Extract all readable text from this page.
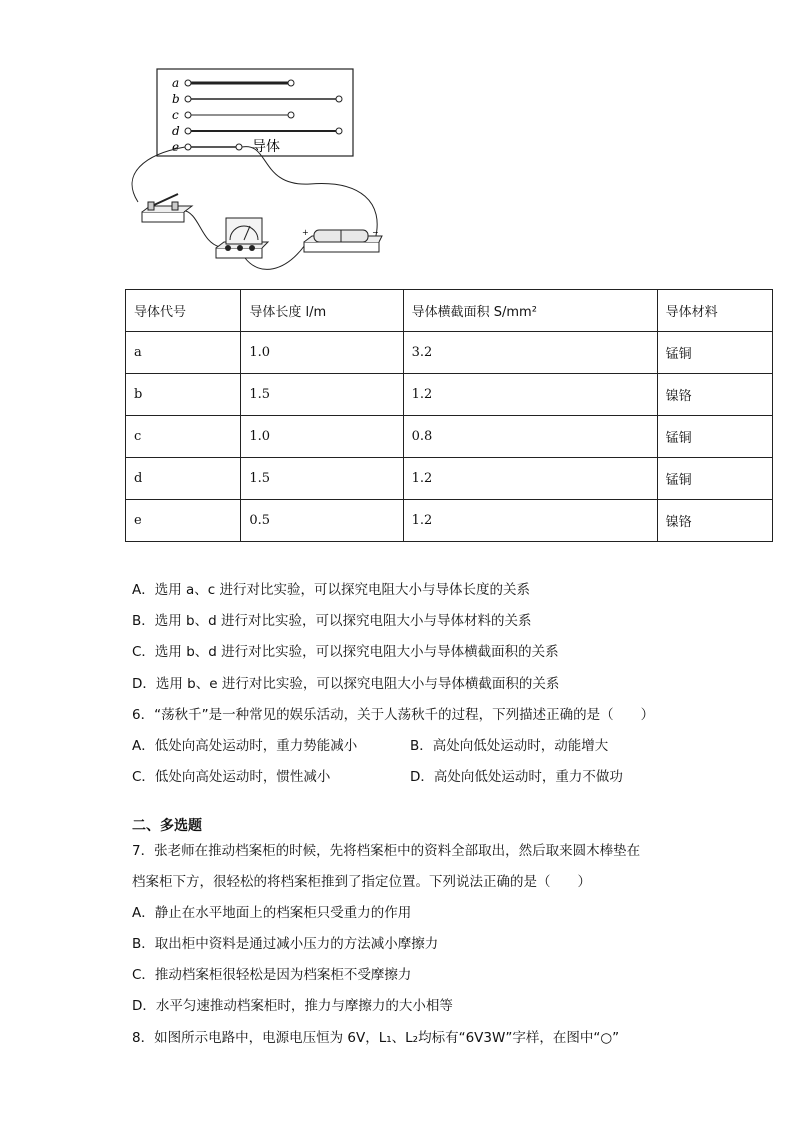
a
b
c
d
e	导体
+	−
导体代号	导体长度 l/m	导体横截面积 S/mm²	导体材料
a	1.0	3.2	锰铜
b	1.5	1.2	镍铬
c	1.0	0.8	锰铜
d	1.5	1.2	锰铜
e	0.5	1.2	镍铬
A．选用 a、c 进行对比实验，可以探究电阻大小与导体长度的关系
B．选用 b、d 进行对比实验，可以探究电阻大小与导体材料的关系
C．选用 b、d 进行对比实验，可以探究电阻大小与导体横截面积的关系
D．选用 b、e 进行对比实验，可以探究电阻大小与导体横截面积的关系
6．“荡秋千”是一种常见的娱乐活动，关于人荡秋千的过程，下列描述正确的是（　　）
A．低处向高处运动时，重力势能减小	B．高处向低处运动时，动能增大
C．低处向高处运动时，惯性减小	D．高处向低处运动时，重力不做功
二、多选题
7．张老师在推动档案柜的时候，先将档案柜中的资料全部取出，然后取来圆木棒垫在
档案柜下方，很轻松的将档案柜推到了指定位置。下列说法正确的是（　　）
A．静止在水平地面上的档案柜只受重力的作用
B．取出柜中资料是通过减小压力的方法减小摩擦力
C．推动档案柜很轻松是因为档案柜不受摩擦力
D．水平匀速推动档案柜时，推力与摩擦力的大小相等
8．如图所示电路中，电源电压恒为 6V，L₁、L₂均标有“6V3W”字样，在图中“○”
